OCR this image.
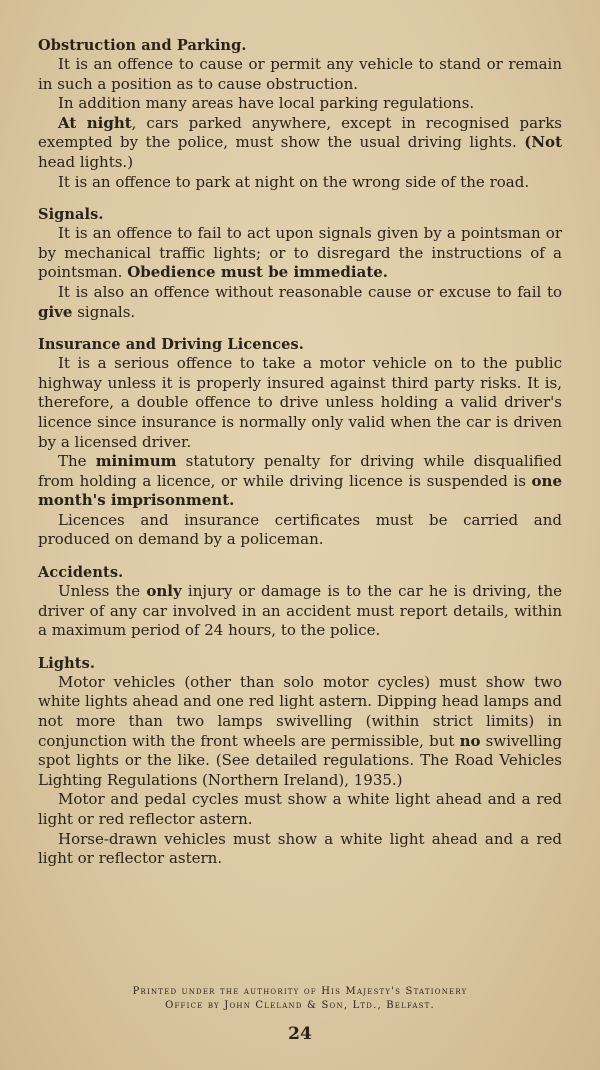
Obstruction and Parking.

It is an offence to cause or permit any vehicle to stand or remain in such a position as to cause obstruction.

In addition many areas have local parking regulations.

At night, cars parked anywhere, except in recognised parks exempted by the police, must show the usual driving lights. (Not head lights.)

It is an offence to park at night on the wrong side of the road.

Signals.

It is an offence to fail to act upon signals given by a pointsman or by mechanical traffic lights; or to disregard the instructions of a pointsman. Obedience must be immediate.

It is also an offence without reasonable cause or excuse to fail to give signals.

Insurance and Driving Licences.

It is a serious offence to take a motor vehicle on to the public highway unless it is properly insured against third party risks. It is, therefore, a double offence to drive unless holding a valid driver's licence since insurance is normally only valid when the car is driven by a licensed driver.

The minimum statutory penalty for driving while disqualified from holding a licence, or while driving licence is suspended is one month's imprisonment.

Licences and insurance certificates must be carried and produced on demand by a policeman.

Accidents.

Unless the only injury or damage is to the car he is driving, the driver of any car involved in an accident must report details, within a maximum period of 24 hours, to the police.

Lights.

Motor vehicles (other than solo motor cycles) must show two white lights ahead and one red light astern. Dipping head lamps and not more than two lamps swivelling (within strict limits) in conjunction with the front wheels are permissible, but no swivelling spot lights or the like. (See detailed regulations. The Road Vehicles Lighting Regulations (Northern Ireland), 1935.)

Motor and pedal cycles must show a white light ahead and a red light or red reflector astern.

Horse-drawn vehicles must show a white light ahead and a red light or reflector astern.

Printed under the authority of His Majesty's Stationery
Office by John Cleland & Son, Ltd., Belfast.
24
